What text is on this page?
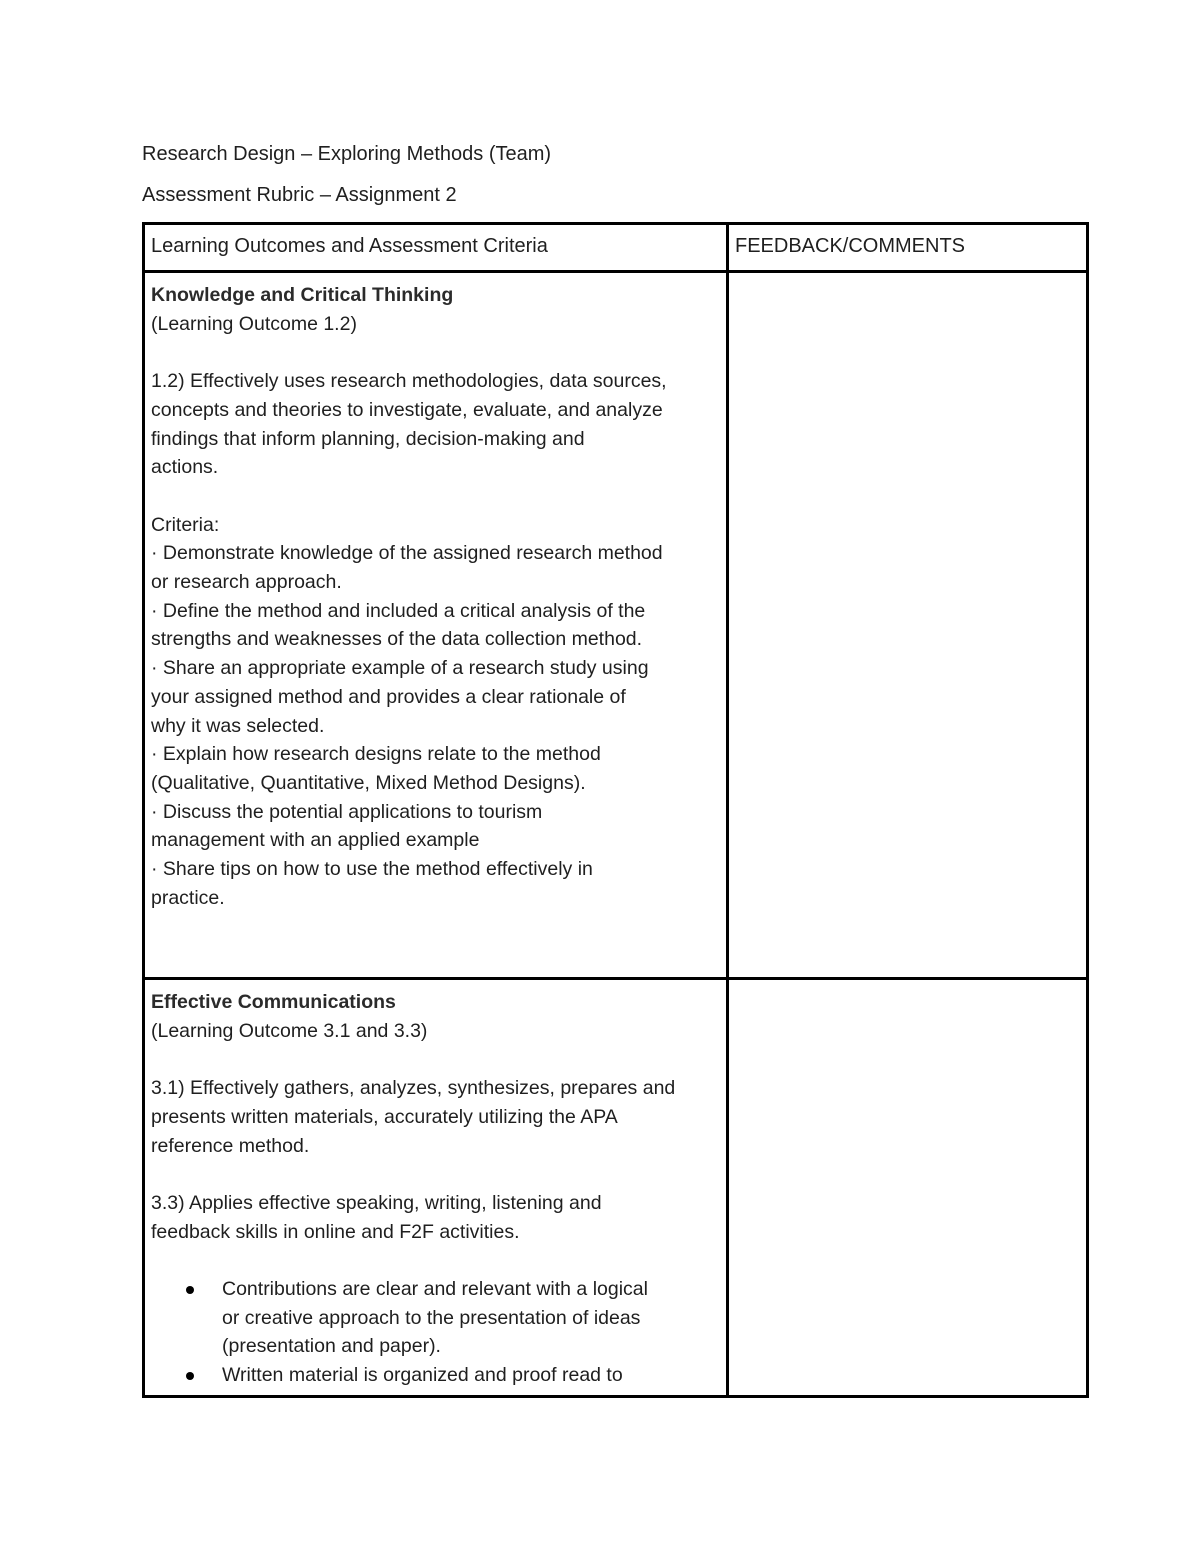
Research Design – Exploring Methods (Team)
Assessment Rubric – Assignment 2
Learning Outcomes and Assessment Criteria	FEEDBACK/COMMENTS
Knowledge and Critical Thinking
(Learning Outcome 1.2)
1.2) Effectively uses research methodologies, data sources,
concepts and theories to investigate, evaluate, and analyze
findings that inform planning, decision-making and
actions.
Criteria:
· Demonstrate knowledge of the assigned research method
or research approach.
· Define the method and included a critical analysis of the
strengths and weaknesses of the data collection method.
· Share an appropriate example of a research study using
your assigned method and provides a clear rationale of
why it was selected.
· Explain how research designs relate to the method
(Qualitative, Quantitative, Mixed Method Designs).
· Discuss the potential applications to tourism
management with an applied example
· Share tips on how to use the method effectively in
practice.
Effective Communications
(Learning Outcome 3.1 and 3.3)
3.1) Effectively gathers, analyzes, synthesizes, prepares and
presents written materials, accurately utilizing the APA
reference method.
3.3) Applies effective speaking, writing, listening and
feedback skills in online and F2F activities.
Contributions are clear and relevant with a logical
or creative approach to the presentation of ideas
(presentation and paper).
Written material is organized and proof read to
